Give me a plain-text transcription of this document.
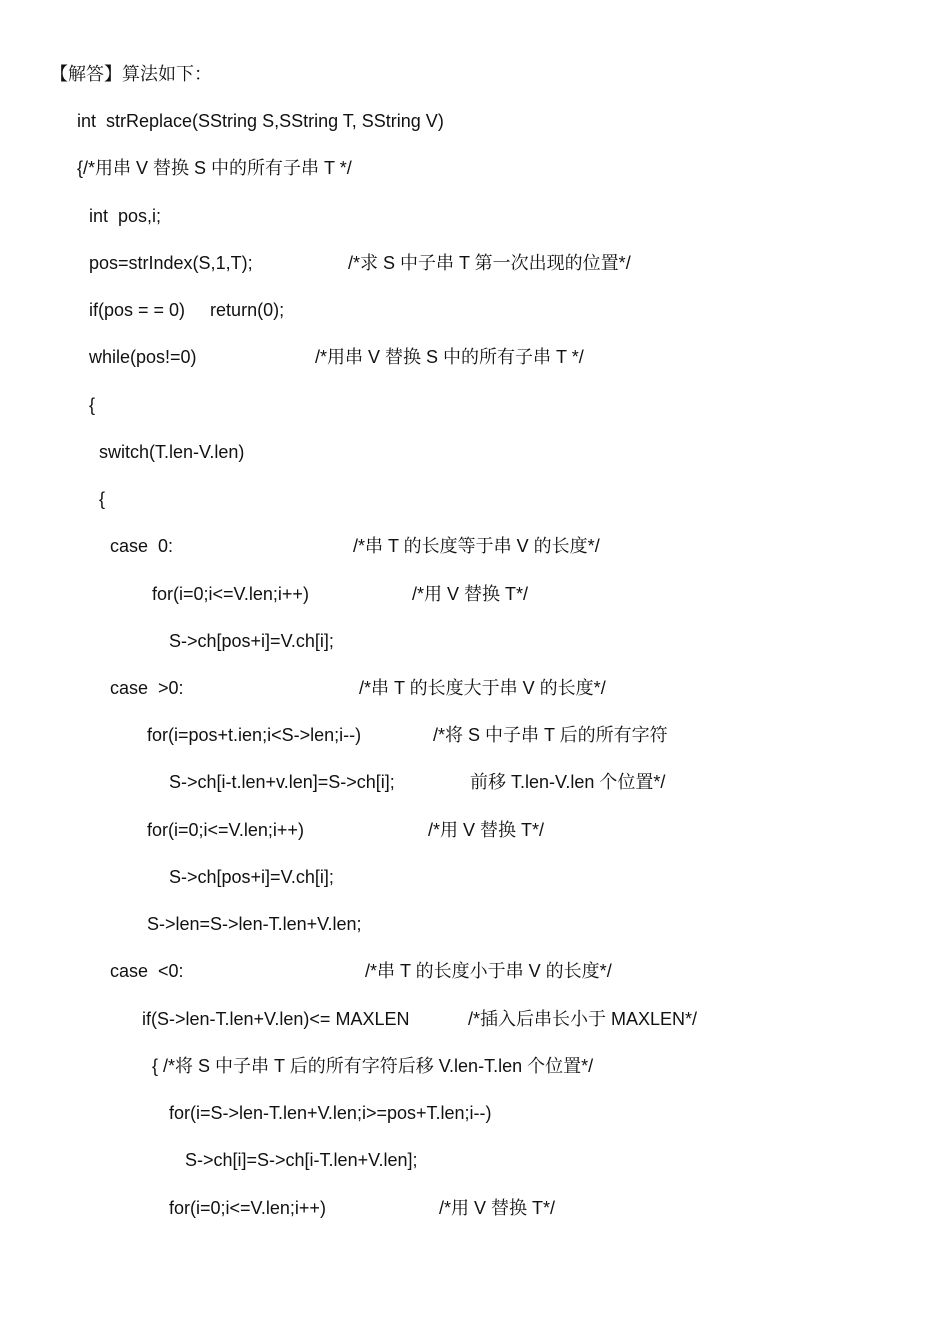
【解答】算法如下：
int  strReplace(SString S,SString T, SString V)
{/*用串 V 替换 S 中的所有子串 T */
int  pos,i;
pos=strIndex(S,1,T);	/*求 S 中子串 T 第一次出现的位置*/
if(pos = = 0)     return(0);
while(pos!=0)	/*用串 V 替换 S 中的所有子串 T */
{
switch(T.len-V.len)
{
case  0:	/*串 T 的长度等于串 V 的长度*/
for(i=0;i<=V.len;i++)	/*用 V 替换 T*/
S->ch[pos+i]=V.ch[i];
case  >0:	/*串 T 的长度大于串 V 的长度*/
for(i=pos+t.ien;i<S->len;i--)	/*将 S 中子串 T 后的所有字符
S->ch[i-t.len+v.len]=S->ch[i];	前移 T.len-V.len 个位置*/
for(i=0;i<=V.len;i++)	/*用 V 替换 T*/
S->ch[pos+i]=V.ch[i];
S->len=S->len-T.len+V.len;
case  <0:	/*串 T 的长度小于串 V 的长度*/
if(S->len-T.len+V.len)<= MAXLEN	/*插入后串长小于 MAXLEN*/
{ /*将 S 中子串 T 后的所有字符后移 V.len-T.len 个位置*/
for(i=S->len-T.len+V.len;i>=pos+T.len;i--)
S->ch[i]=S->ch[i-T.len+V.len];
for(i=0;i<=V.len;i++)	/*用 V 替换 T*/
